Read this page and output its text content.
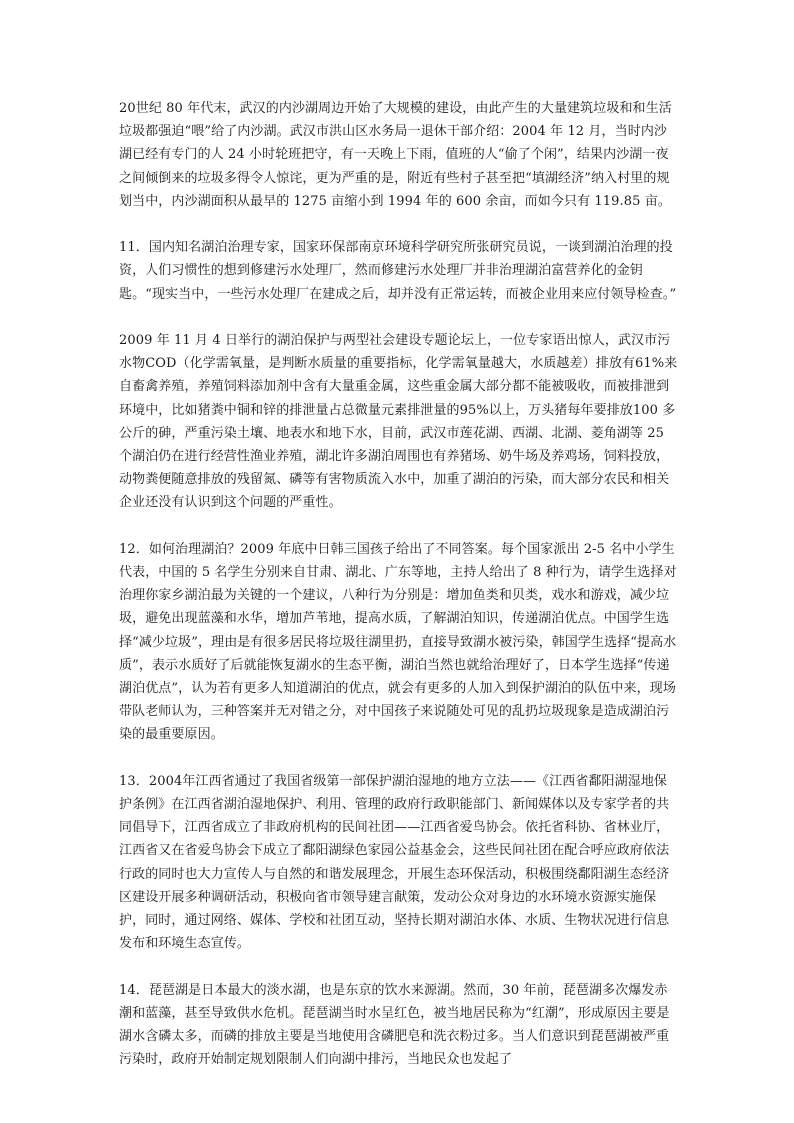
20世纪 80 年代末，武汉的内沙湖周边开始了大规模的建设，由此产生的大量建筑垃圾和和生活垃圾都强迫“喂”给了内沙湖。武汉市洪山区水务局一退休干部介绍：2004 年 12 月，当时内沙湖已经有专门的人 24 小时轮班把守，有一天晚上下雨，值班的人“偷了个闲”，结果内沙湖一夜之间倾倒来的垃圾多得令人惊诧，更为严重的是，附近有些村子甚至把“填湖经济”纳入村里的规划当中，内沙湖面积从最早的 1275 亩缩小到 1994 年的 600 余亩，而如今只有 119.85 亩。

11．国内知名湖泊治理专家，国家环保部南京环境科学研究所张研究员说，一谈到湖泊治理的投资，人们习惯性的想到修建污水处理厂，然而修建污水处理厂并非治理湖泊富营养化的金钥匙。“现实当中，一些污水处理厂在建成之后，却并没有正常运转，而被企业用来应付领导检查。”

2009 年 11 月 4 日举行的湖泊保护与两型社会建设专题论坛上，一位专家语出惊人，武汉市污水物COD（化学需氧量，是判断水质量的重要指标，化学需氧量越大，水质越差）排放有61%来自畜禽养殖，养殖饲料添加剂中含有大量重金属，这些重金属大部分都不能被吸收，而被排泄到环境中，比如猪粪中铜和锌的排泄量占总微量元素排泄量的95%以上，万头猪每年要排放100 多公斤的砷，严重污染土壤、地表水和地下水，目前，武汉市莲花湖、西湖、北湖、菱角湖等 25 个湖泊仍在进行经营性渔业养殖，湖北许多湖泊周围也有养猪场、奶牛场及养鸡场，饲料投放，动物粪便随意排放的残留氮、磷等有害物质流入水中，加重了湖泊的污染，而大部分农民和相关企业还没有认识到这个问题的严重性。

12．如何治理湖泊？2009 年底中日韩三国孩子给出了不同答案。每个国家派出 2-5 名中小学生代表，中国的 5 名学生分别来自甘肃、湖北、广东等地，主持人给出了 8 种行为，请学生选择对治理你家乡湖泊最为关键的一个建议，八种行为分别是：增加鱼类和贝类，戏水和游戏，减少垃圾，避免出现蓝藻和水华，增加芦苇地，提高水质，了解湖泊知识，传递湖泊优点。中国学生选择“减少垃圾”，理由是有很多居民将垃圾往湖里扔，直接导致湖水被污染，韩国学生选择“提高水质”，表示水质好了后就能恢复湖水的生态平衡，湖泊当然也就给治理好了，日本学生选择“传递湖泊优点”，认为若有更多人知道湖泊的优点，就会有更多的人加入到保护湖泊的队伍中来，现场带队老师认为，三种答案并无对错之分，对中国孩子来说随处可见的乱扔垃圾现象是造成湖泊污染的最重要原因。

13．2004年江西省通过了我国省级第一部保护湖泊湿地的地方立法——《江西省鄱阳湖湿地保护条例》在江西省湖泊湿地保护、利用、管理的政府行政职能部门、新闻媒体以及专家学者的共同倡导下，江西省成立了非政府机构的民间社团——江西省爱鸟协会。依托省科协、省林业厅，江西省又在省爱鸟协会下成立了鄱阳湖绿色家园公益基金会，这些民间社团在配合呼应政府依法行政的同时也大力宣传人与自然的和谐发展理念，开展生态环保活动，积极围绕鄱阳湖生态经济区建设开展多种调研活动，积极向省市领导建言献策，发动公众对身边的水环境水资源实施保护，同时，通过网络、媒体、学校和社团互动，坚持长期对湖泊水体、水质、生物状况进行信息发布和环境生态宣传。

14．琵琶湖是日本最大的淡水湖，也是东京的饮水来源湖。然而，30 年前，琵琶湖多次爆发赤潮和蓝藻，甚至导致供水危机。琵琶湖当时水呈红色，被当地居民称为“红潮”，形成原因主要是湖水含磷太多，而磷的排放主要是当地使用含磷肥皂和洗衣粉过多。当人们意识到琵琶湖被严重污染时，政府开始制定规划限制人们向湖中排污，当地民众也发起了
